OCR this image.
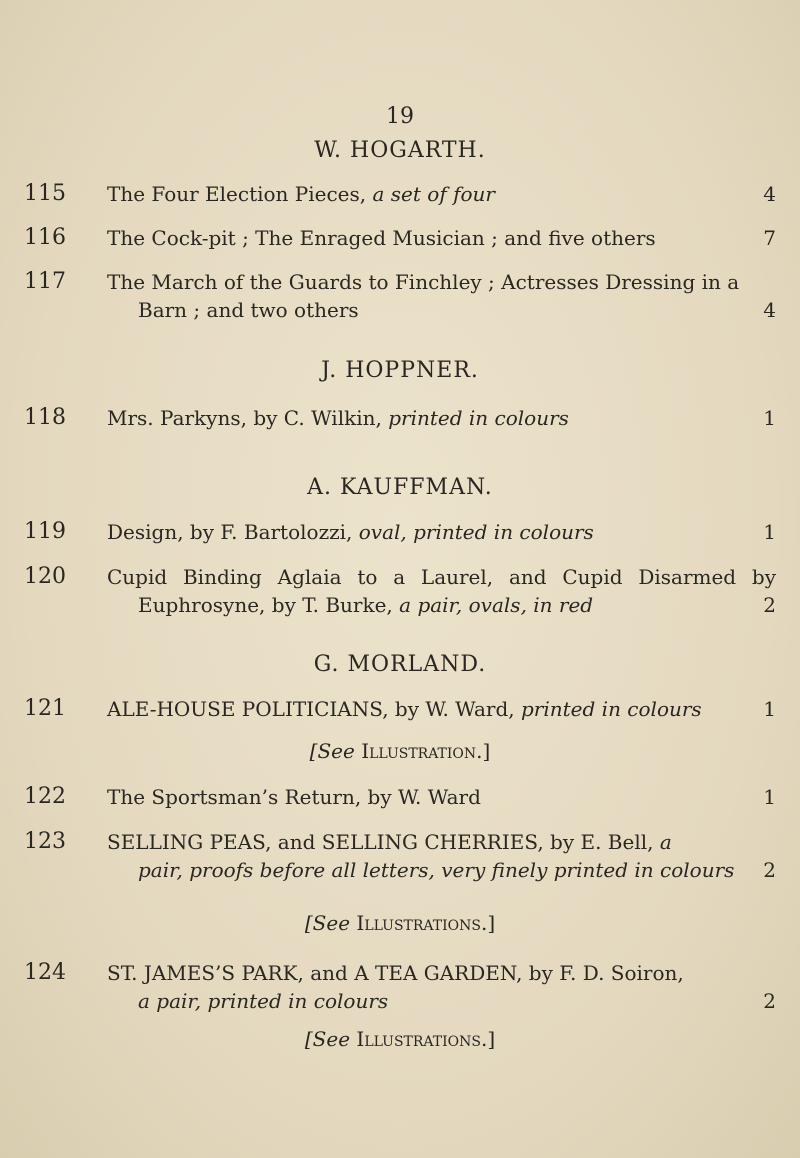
19
W. HOGARTH.
115 The Four Election Pieces, a set of four	4
116 The Cock-pit ; The Enraged Musician ; and five others	7
117 The March of the Guards to Finchley ; Actresses Dressing in a
Barn ; and two others	4
J. HOPPNER.
118 Mrs. Parkyns, by C. Wilkin, printed in colours	1
A. KAUFFMAN.
119 Design, by F. Bartolozzi, oval, printed in colours	1
120 Cupid Binding Aglaia to a Laurel, and Cupid Disarmed by
Euphrosyne, by T. Burke, a pair, ovals, in red	2
G. MORLAND.
121 ALE-HOUSE POLITICIANS, by W. Ward, printed in colours	1
[See Illustration.]
122 The Sportsman’s Return, by W. Ward	1
123 SELLING PEAS, and SELLING CHERRIES, by E. Bell, a
pair, proofs before all letters, very finely printed in colours	2
[See Illustrations.]
124 ST. JAMES’S PARK, and A TEA GARDEN, by F. D. Soiron,
a pair, printed in colours	2
[See Illustrations.]
